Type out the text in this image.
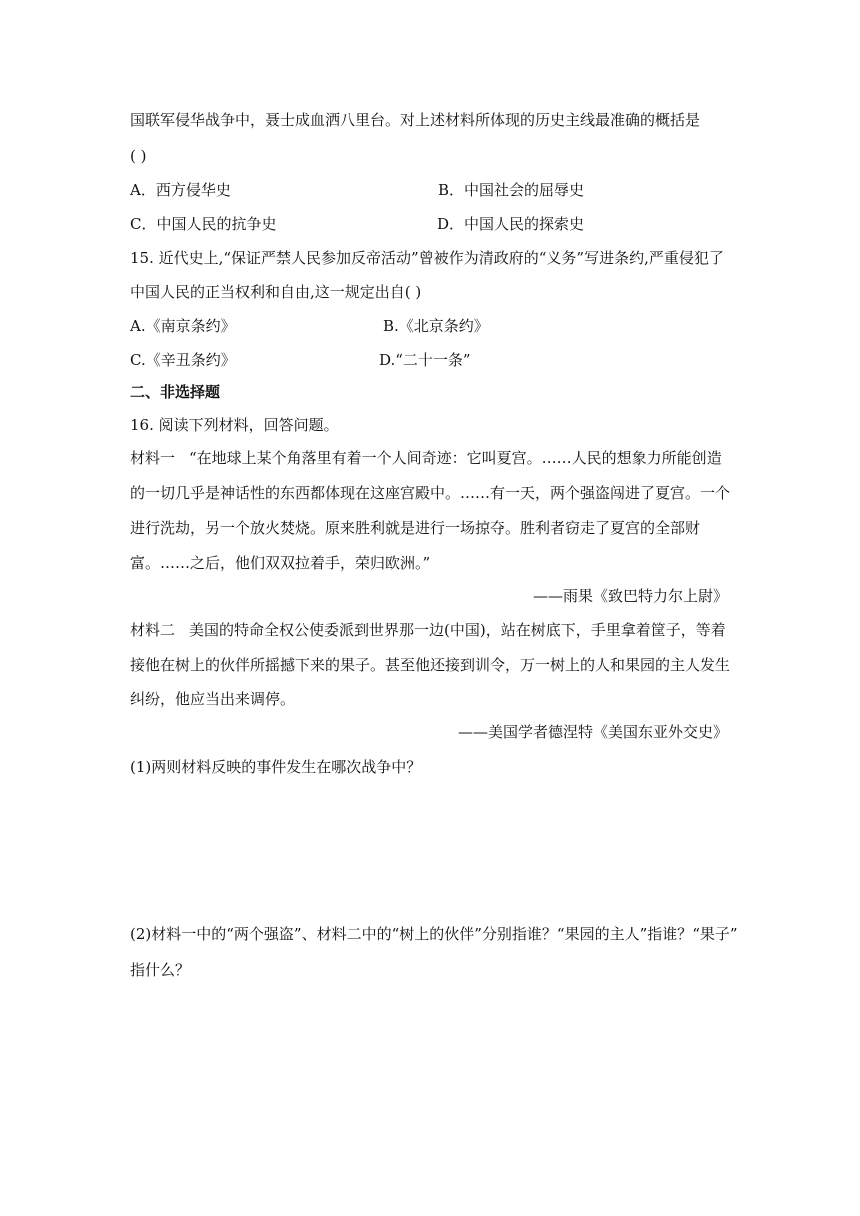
国联军侵华战争中，聂士成血洒八里台。对上述材料所体现的历史主线最准确的概括是
( )
A．西方侵华史	B．中国社会的屈辱史
C．中国人民的抗争史	D．中国人民的探索史
15. 近代史上,“保证严禁人民参加反帝活动”曾被作为清政府的“义务”写进条约,严重侵犯了
中国人民的正当权利和自由,这一规定出自( )
A.《南京条约》	B.《北京条约》
C.《辛丑条约》	D.“二十一条”
二、非选择题
16. 阅读下列材料，回答问题。
材料一 “在地球上某个角落里有着一个人间奇迹：它叫夏宫。……人民的想象力所能创造
的一切几乎是神话性的东西都体现在这座宫殿中。……有一天，两个强盗闯进了夏宫。一个
进行洗劫，另一个放火焚烧。原来胜利就是进行一场掠夺。胜利者窃走了夏宫的全部财
富。……之后，他们双双拉着手，荣归欧洲。”
——雨果《致巴特力尔上尉》
材料二 美国的特命全权公使委派到世界那一边(中国)，站在树底下，手里拿着筐子，等着
接他在树上的伙伴所摇撼下来的果子。甚至他还接到训令，万一树上的人和果园的主人发生
纠纷，他应当出来调停。
——美国学者德涅特《美国东亚外交史》
(1)两则材料反映的事件发生在哪次战争中？
(2)材料一中的“两个强盗”、材料二中的“树上的伙伴”分别指谁？“果园的主人”指谁？“果子”
指什么？
